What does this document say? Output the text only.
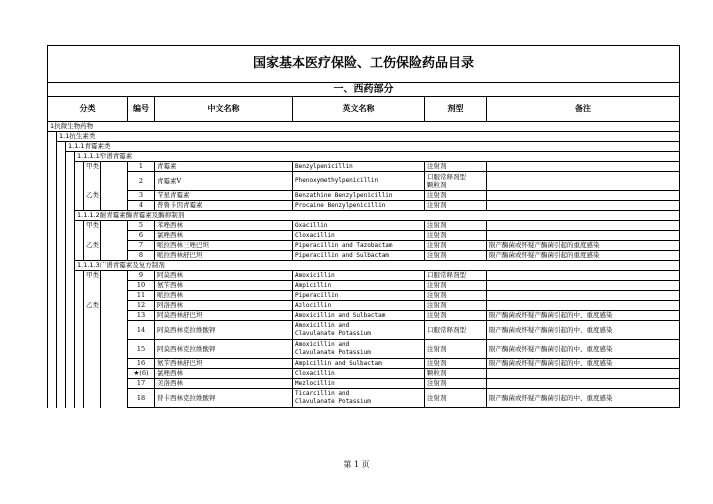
国家基本医疗保险、工伤保险药品目录										
一、西药部分										
分类						编号	中文名称	英文名称	剂型	备注
1抗微生物药物										
	1.1抗生素类									
		1.1.1青霉素类								
			1.1.1.1窄谱青霉素							
				甲类		1	青霉素	Benzylpenicillin	注射剂	
						2	青霉素V	Phenoxymethylpenicillin	口服常释剂型
颗粒剂	
				乙类		3	苄星青霉素	Benzathine Benzylpenicillin	注射剂	
						4	普鲁卡因青霉素	Procaine Benzylpenicillin	注射剂	
			1.1.1.2耐青霉素酶青霉素及酶抑制剂							
				甲类		5	苯唑西林	Oxacillin	注射剂	
						6	氯唑西林	Cloxacillin	注射剂	
				乙类		7	哌拉西林三唑巴坦	Piperacillin and Tazobactam	注射剂	限产酶菌或怀疑产酶菌引起的重度感染
						8	哌拉西林舒巴坦	Piperacillin and Sulbactam	注射剂	限产酶菌或怀疑产酶菌引起的重度感染
			1.1.1.3广谱青霉素及复方制剂							
				甲类		9	阿莫西林	Amoxicillin	口服常释剂型	
						10	氨苄西林	Ampicillin	注射剂	
						11	哌拉西林	Piperacillin	注射剂	
				乙类		12	阿洛西林	Azlocillin	注射剂	
						13	阿莫西林舒巴坦	Amoxicillin and Sulbactam	注射剂	限产酶菌或怀疑产酶菌引起的中、重度感染
						14	阿莫西林克拉维酸钾	Amoxicillin and
Clavulanate Potassium	口服常释剂型	限产酶菌或怀疑产酶菌引起的中、重度感染
						15	阿莫西林克拉维酸钾	Amoxicillin and
Clavulanate Potassium	注射剂	限产酶菌或怀疑产酶菌引起的中、重度感染
						16	氨苄西林舒巴坦	Ampicillin and Sulbactam	注射剂	限产酶菌或怀疑产酶菌引起的中、重度感染
						★(6)	氯唑西林	Cloxacillin	颗粒剂	
						17	美洛西林	Mezlocillin	注射剂	
						18	替卡西林克拉维酸钾	Ticarcillin and
Clavulanate Potassium	注射剂	限产酶菌或怀疑产酶菌引起的中、重度感染
第 1 页
